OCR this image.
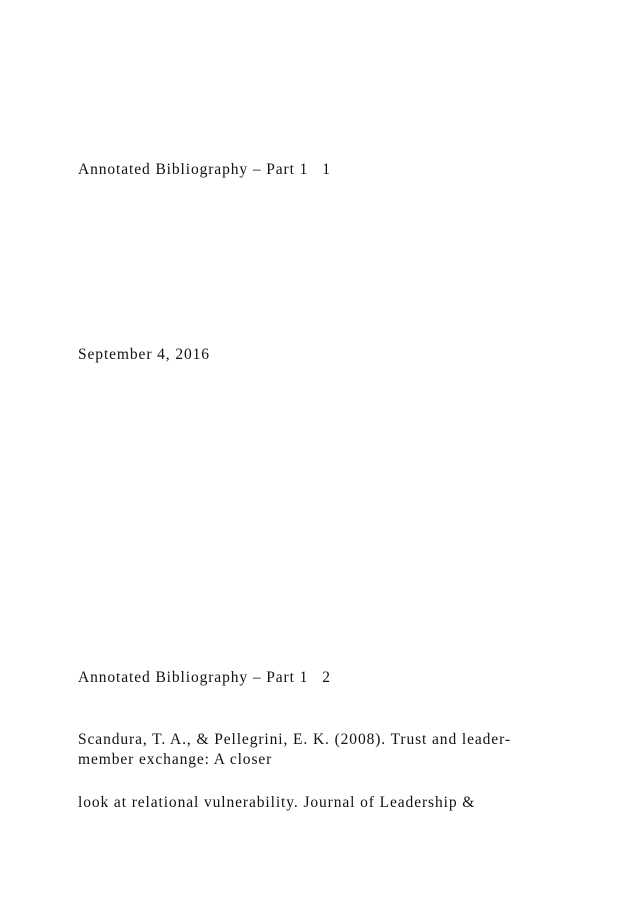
Annotated Bibliography – Part 1 1
September 4, 2016
Annotated Bibliography – Part 1 2
Scandura, T. A., & Pellegrini, E. K. (2008). Trust and leader-
member exchange: A closer
look at relational vulnerability. Journal of Leadership &
